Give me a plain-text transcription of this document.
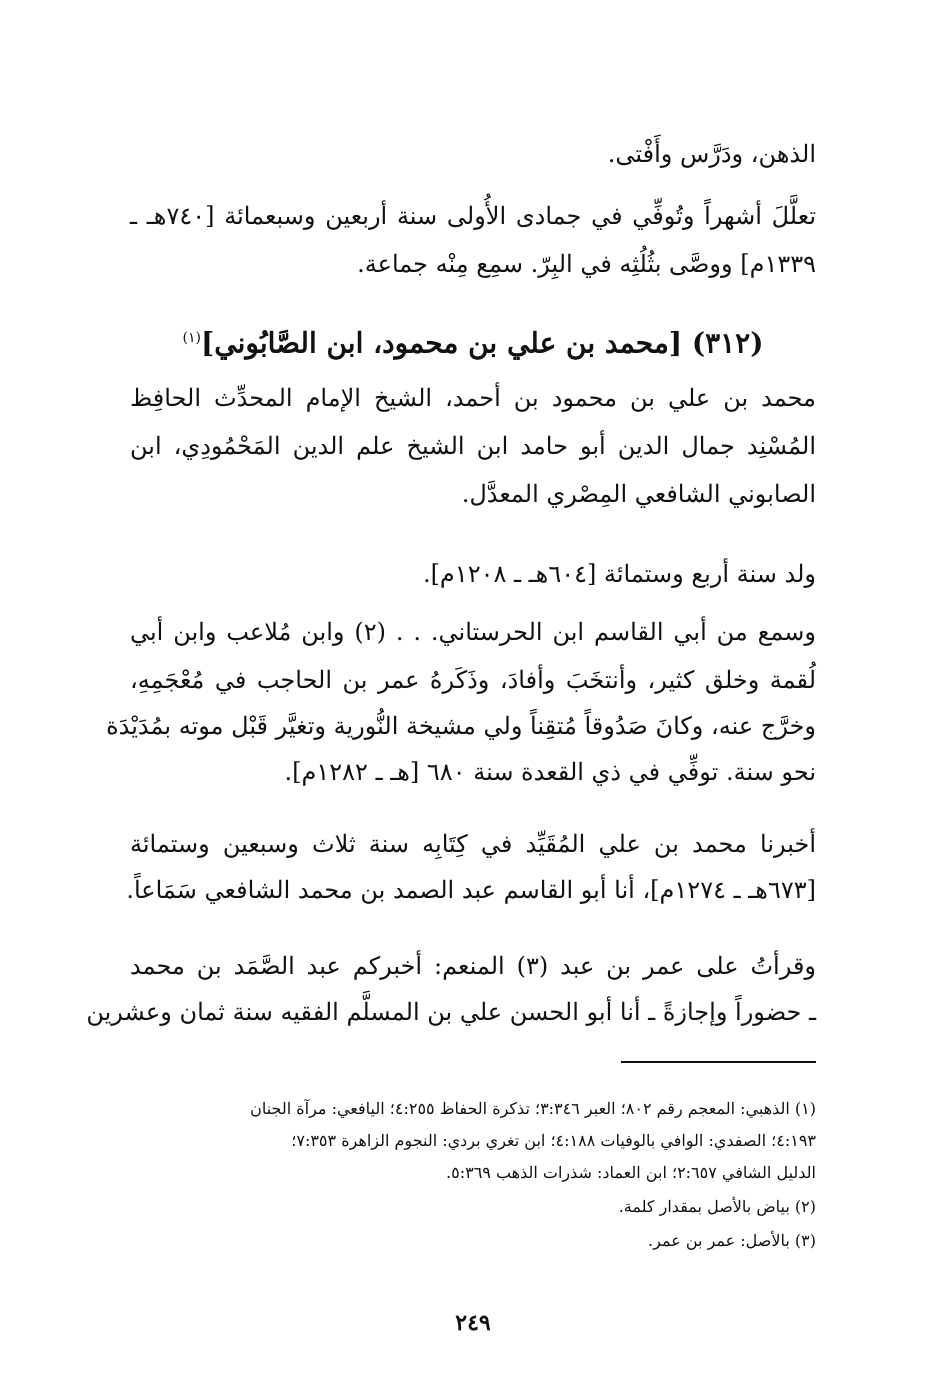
الذهن، ودَرَّس وأَفْتى.
تعلَّلَ أشهراً وتُوفِّي في جمادى الأُولى سنة أربعين وسبعمائة [٧٤٠هـ ـ
١٣٣٩م] ووصَّى بثُلُثِه في البِرّ. سمِع مِنْه جماعة.
(٣١٢) [محمد بن علي بن محمود، ابن الصَّابُوني]$^{(١)}$
محمد بن علي بن محمود بن أحمد، الشيخ الإمام المحدِّث الحافِظ
المُسْنِد جمال الدين أبو حامد ابن الشيخ علم الدين المَحْمُودِي، ابن
الصابوني الشافعي المِصْري المعدَّل.
ولد سنة أربع وستمائة [٦٠٤هـ ـ ١٢٠٨م].
وسمع من أبي القاسم ابن الحرستاني. . . (٢) وابن مُلاعب وابن أبي
لُقمة وخلق كثير، وأنتخَبَ وأفادَ، وذَكَرهُ عمر بن الحاجب في مُعْجَمِهِ،
وخرَّج عنه، وكانَ صَدُوقاً مُتقِناً ولي مشيخة النُّورية وتغيَّر قَبْل موته بمُدَيْدَة
نحو سنة. توفِّي في ذي القعدة سنة ٦٨٠ [هـ ـ ١٢٨٢م].
أخبرنا محمد بن علي المُقَيِّد في كِتَابِه سنة ثلاث وسبعين وستمائة
[٦٧٣هـ ـ ١٢٧٤م]، أنا أبو القاسم عبد الصمد بن محمد الشافعي سَمَاعاً.
وقرأتُ على عمر بن عبد (٣) المنعم: أخبركم عبد الصَّمَد بن محمد
ـ حضوراً وإجازةً ـ أنا أبو الحسن علي بن المسلَّم الفقيه سنة ثمان وعشرين
(١) الذهبي: المعجم رقم ٨٠٢؛ العبر ٣:٣٤٦؛ تذكرة الحفاظ ٤:٢٥٥؛ اليافعي: مرآة الجنان
٤:١٩٣؛ الصفدي: الوافي بالوفيات ٤:١٨٨؛ ابن تغري بردي: النجوم الزاهرة ٧:٣٥٣؛
الدليل الشافي ٢:٦٥٧؛ ابن العماد: شذرات الذهب ٥:٣٦٩.
(٢) بياض بالأصل بمقدار كلمة.
(٣) بالأصل: عمر بن عمر.
٢٤٩
